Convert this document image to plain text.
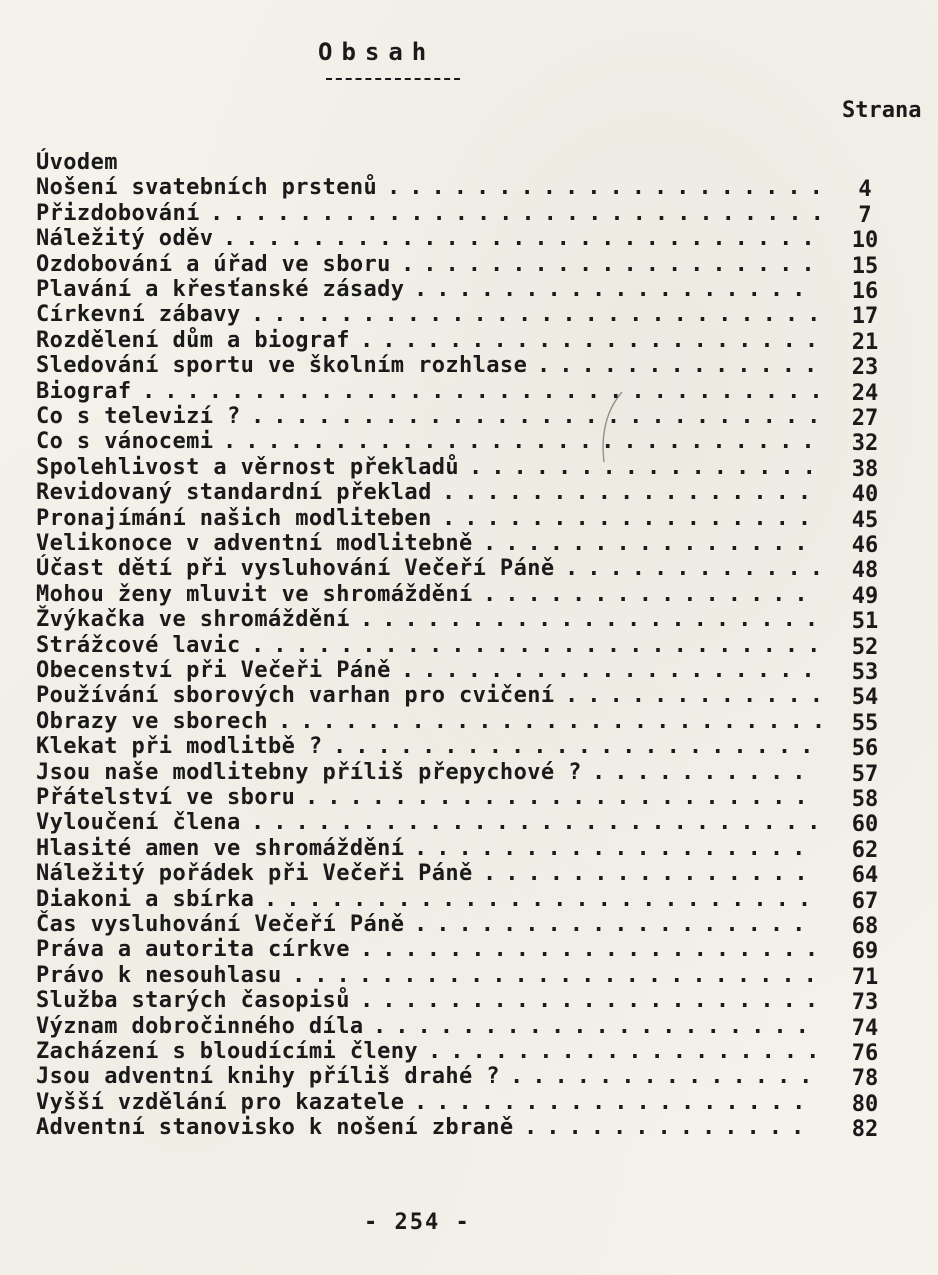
Obsah
Strana
Úvodem
Nošení svatebních prstenů ....................	4
Přizdobování ............................	7
Náležitý oděv ...........................	10
Ozdobování a úřad ve sboru ...................	15
Plavání a křesťanské zásady ..................	16
Církevní zábavy ..........................	17
Rozdělení dům a biograf .....................	21
Sledování sportu ve školním rozhlase .............	23
Biograf ............................... 24
Co s televizí ? ..........................	27
Co s vánocemi ...........................	32
Spolehlivost a věrnost překladů ................	38
Revidovaný standardní překlad .................	40
Pronajímání našich modliteben .................	45
Velikonoce v adventní modlitebně ...............	46
Účast dětí při vysluhování Večeří Páně ............ 48
Mohou ženy mluvit ve shromáždění ...............	49
Žvýkačka ve shromáždění .....................	51
Strážcové lavic ..........................	52
Obecenství při Večeři Páně ...................	53
Používání sborových varhan pro cvičení ............ 54
Obrazy ve sborech ......................... 55
Klekat při modlitbě ? ......................	56
Jsou naše modlitebny příliš přepychové ? ..........	57
Přátelství ve sboru .......................	58
Vyloučení člena ..........................	60
Hlasité amen ve shromáždění ..................	62
Náležitý pořádek při Večeři Páně ...............	64
Diakoni a sbírka .........................	67
Čas vysluhování Večeří Páně ..................	68
Práva a autorita církve .....................	69
Právo k nesouhlasu ........................	71
Služba starých časopisů .....................	73
Význam dobročinného díla ....................	74
Zacházení s bloudícími členy ..................	76
Jsou adventní knihy příliš drahé ? ..............	78
Vyšší vzdělání pro kazatele ..................	80
Adventní stanovisko k nošení zbraně .............	82
- 254 -
